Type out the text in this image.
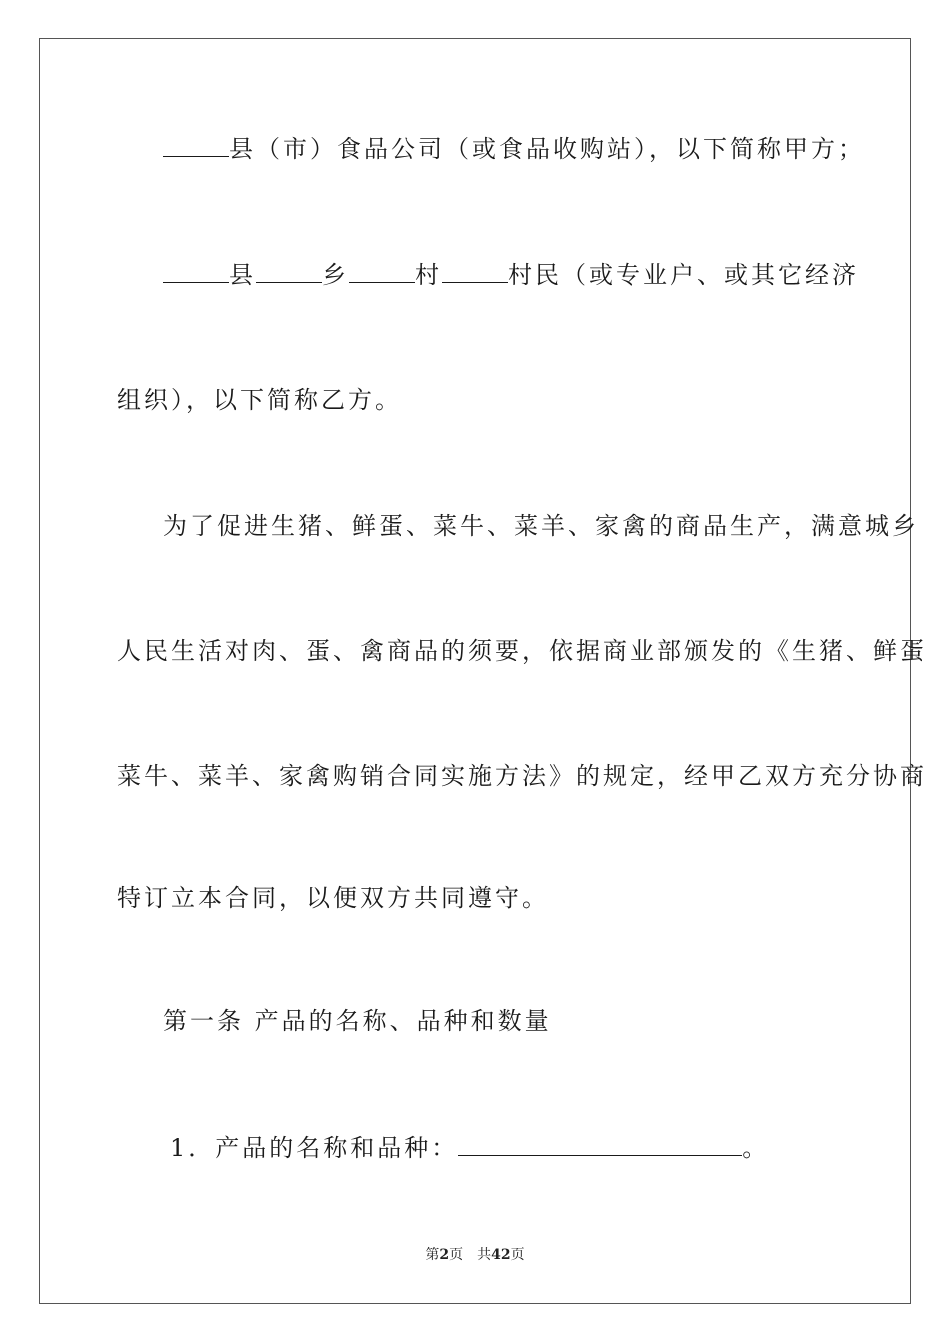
县（市）食品公司（或食品收购站），以下简称甲方；
县	乡	村	村民（或专业户、或其它经济
组织），以下简称乙方。
为了促进生猪、鲜蛋、菜牛、菜羊、家禽的商品生产，满意城乡
人民生活对肉、蛋、禽商品的须要，依据商业部颁发的《生猪、鲜蛋
菜牛、菜羊、家禽购销合同实施方法》的规定，经甲乙双方充分协商
特订立本合同，以便双方共同遵守。
第一条 产品的名称、品种和数量
1．产品的名称和品种：	。
第2页 共42页
